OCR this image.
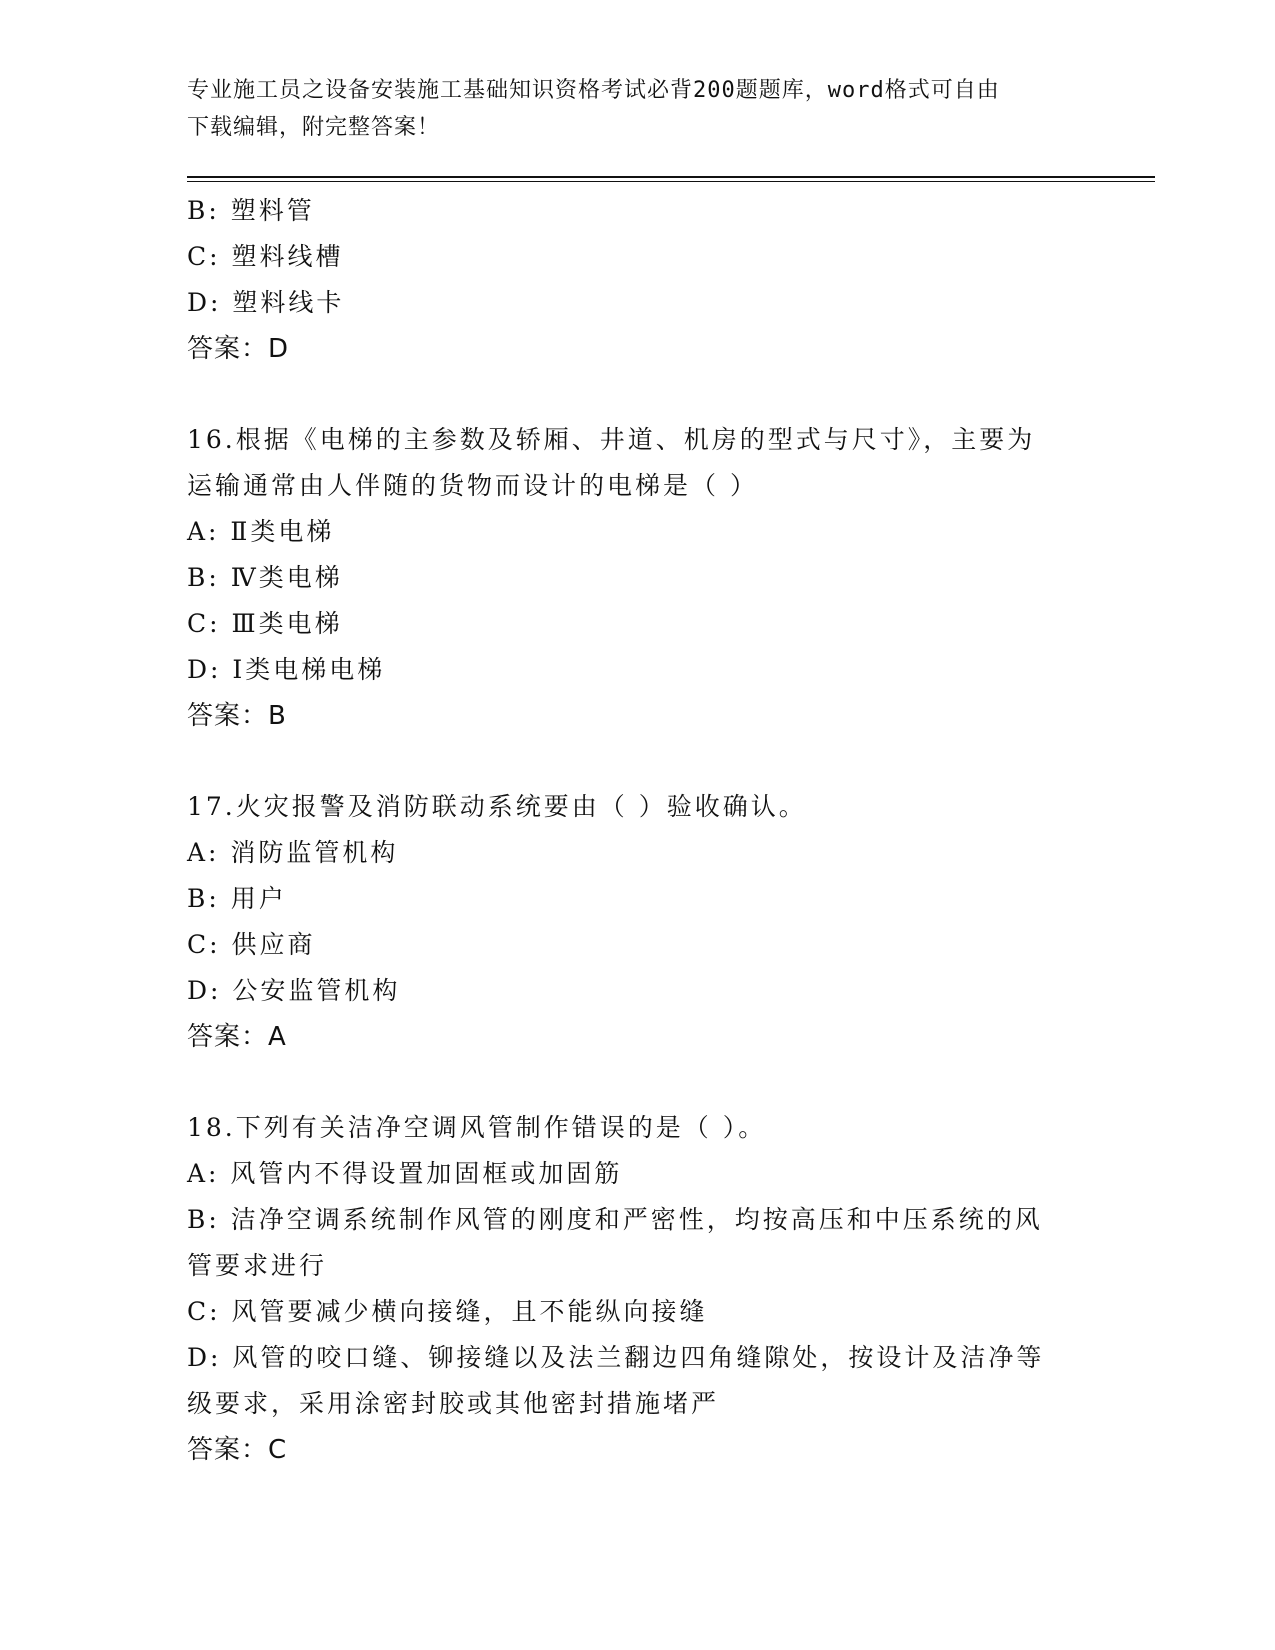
专业施工员之设备安装施工基础知识资格考试必背200题题库，word格式可自由
下载编辑，附完整答案！
B: 塑料管
C: 塑料线槽
D: 塑料线卡
答案：D
16.根据《电梯的主参数及轿厢、井道、机房的型式与尺寸》，主要为
运输通常由人伴随的货物而设计的电梯是（ ）
A: Ⅱ类电梯
B: Ⅳ类电梯
C: Ⅲ类电梯
D: Ⅰ类电梯电梯
答案：B
17.火灾报警及消防联动系统要由（ ）验收确认。
A: 消防监管机构
B: 用户
C: 供应商
D: 公安监管机构
答案：A
18.下列有关洁净空调风管制作错误的是（ ）。
A: 风管内不得设置加固框或加固筋
B: 洁净空调系统制作风管的刚度和严密性，均按高压和中压系统的风
管要求进行
C: 风管要减少横向接缝，且不能纵向接缝
D: 风管的咬口缝、铆接缝以及法兰翻边四角缝隙处，按设计及洁净等
级要求，采用涂密封胶或其他密封措施堵严
答案：C
